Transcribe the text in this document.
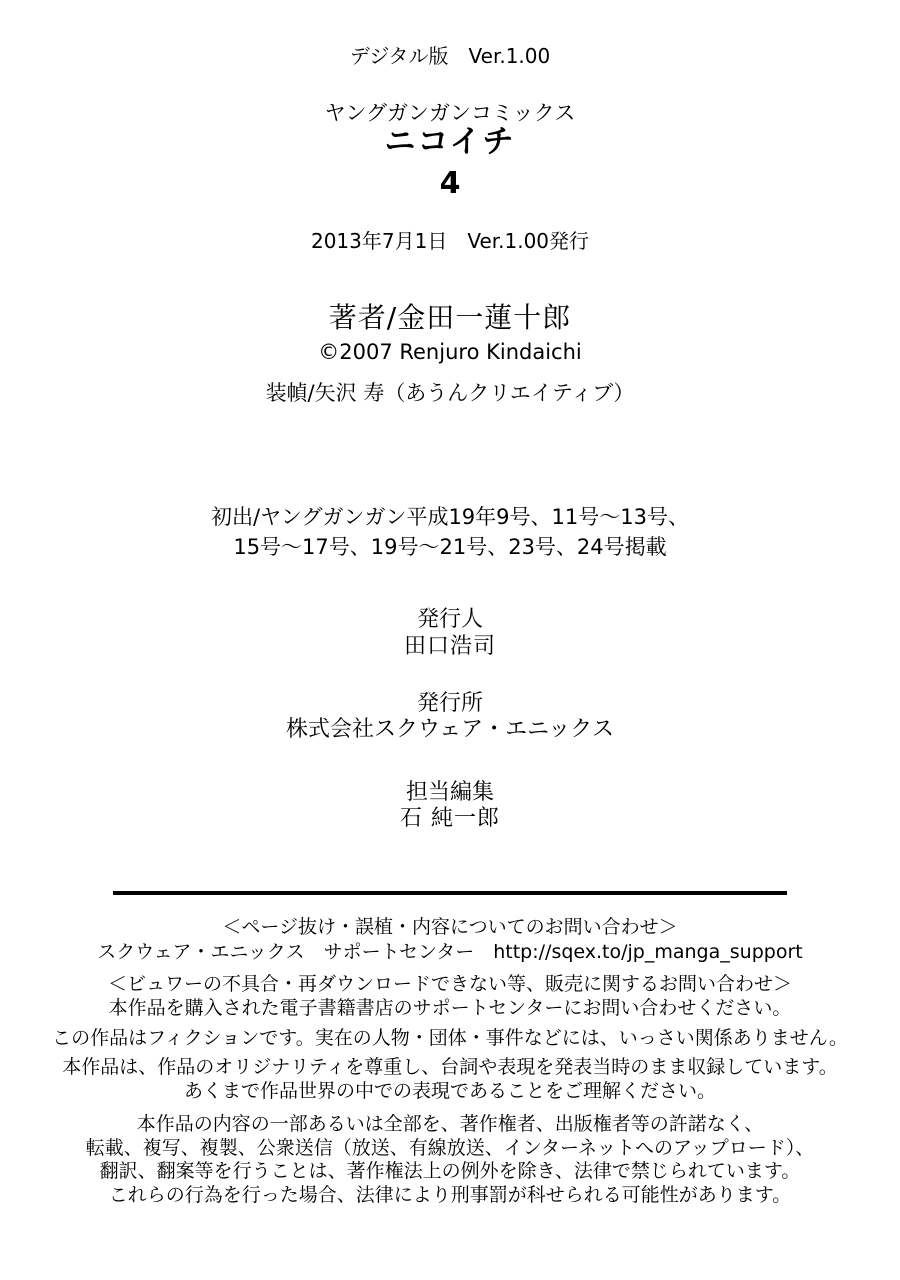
デジタル版　Ver.1.00
ヤングガンガンコミックス
ニコイチ
4
2013年7月1日　Ver.1.00発行
著者/金田一蓮十郎
©2007 Renjuro Kindaichi
装幀/矢沢 寿（あうんクリエイティブ）
初出/ヤングガンガン平成19年9号、11号～13号、
15号～17号、19号～21号、23号、24号掲載
発行人
田口浩司
発行所
株式会社スクウェア・エニックス
担当編集
石 純一郎
＜ページ抜け・誤植・内容についてのお問い合わせ＞
スクウェア・エニックス　サポートセンター　http://sqex.to/jp_manga_support
＜ビュワーの不具合・再ダウンロードできない等、販売に関するお問い合わせ＞
本作品を購入された電子書籍書店のサポートセンターにお問い合わせください。
この作品はフィクションです。実在の人物・団体・事件などには、いっさい関係ありません。
本作品は、作品のオリジナリティを尊重し、台詞や表現を発表当時のまま収録しています。
あくまで作品世界の中での表現であることをご理解ください。
本作品の内容の一部あるいは全部を、著作権者、出版権者等の許諾なく、
転載、複写、複製、公衆送信（放送、有線放送、インターネットへのアップロード）、
翻訳、翻案等を行うことは、著作権法上の例外を除き、法律で禁じられています。
これらの行為を行った場合、法律により刑事罰が科せられる可能性があります。
